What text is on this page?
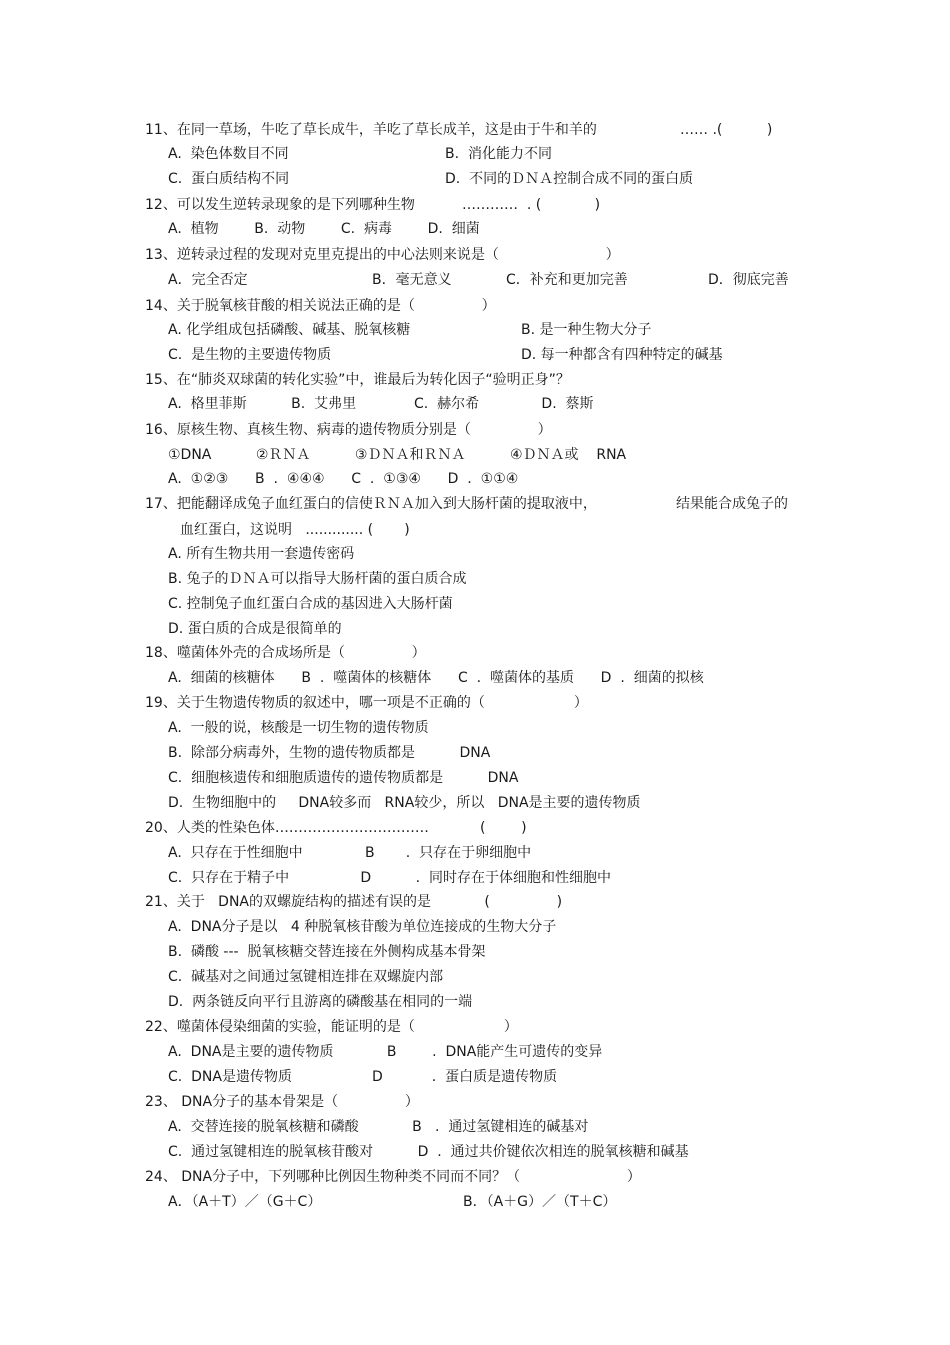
11、在同一草场，牛吃了草长成牛，羊吃了草长成羊，这是由于牛和羊的	…… .(          )
A.  染色体数目不同	B.  消化能力不同
C.  蛋白质结构不同	D.  不同的ＤＮＡ控制合成不同的蛋白质
12、可以发生逆转录现象的是下列哪种生物	…………  . (            )
A.  植物        B.  动物        C.  病毒        D.  细菌
13、逆转录过程的发现对克里克提出的中心法则来说是（                        ）
A．完全否定	B．毫无意义	C．补充和更加完善	D．彻底完善
14、关于脱氧核苷酸的相关说法正确的是（               ）
A. 化学组成包括磷酸、碱基、脱氧核糖	B. 是一种生物大分子
C.  是生物的主要遗传物质	D. 每一种都含有四种特定的碱基
15、在“肺炎双球菌的转化实验”中，谁最后为转化因子“验明正身”？
A.  格里菲斯          B.  艾弗里             C.  赫尔希              D.  蔡斯
16、原核生物、真核生物、病毒的遗传物质分别是（               ）
①DNA          ②ＲＮＡ          ③ＤＮＡ和ＲＮＡ          ④ＤＮＡ或    RNA
A.  ①②③      B  .  ④④④      C  .  ①③④      D  .  ①①④
17、把能翻译成兔子血红蛋白的信使ＲＮＡ加入到大肠杆菌的提取液中，	结果能合成兔子的
血红蛋白，这说明   ............. (       )
A. 所有生物共用一套遗传密码
B. 兔子的ＤＮＡ可以指导大肠杆菌的蛋白质合成
C. 控制兔子血红蛋白合成的基因进入大肠杆菌
D. 蛋白质的合成是很简单的
18、噬菌体外壳的合成场所是（               ）
A.  细菌的核糖体      B  .  噬菌体的核糖体      C  .  噬菌体的基质      D  .  细菌的拟核
19、关于生物遗传物质的叙述中，哪一项是不正确的（                    ）
A.  一般的说，核酸是一切生物的遗传物质
B.  除部分病毒外，生物的遗传物质都是          DNA
C.  细胞核遗传和细胞质遗传的遗传物质都是          DNA
D.  生物细胞中的     DNA较多而   RNA较少，所以   DNA是主要的遗传物质
20、人类的性染色体……………………………	(        )
A.  只存在于性细胞中              B       .  只存在于卵细胞中
C.  只存在于精子中                D          .  同时存在于体细胞和性细胞中
21、关于   DNA的双螺旋结构的描述有误的是            (               )
A.  DNA分子是以   4 种脱氧核苷酸为单位连接成的生物大分子
B.  磷酸 ---  脱氧核糖交替连接在外侧构成基本骨架
C.  碱基对之间通过氢键相连排在双螺旋内部
D.  两条链反向平行且游离的磷酸基在相同的一端
22、噬菌体侵染细菌的实验，能证明的是（                    ）
A.  DNA是主要的遗传物质            B        .  DNA能产生可遗传的变异
C.  DNA是遗传物质                  D           .  蛋白质是遗传物质
23、 DNA分子的基本骨架是（               ）
A.  交替连接的脱氧核糖和磷酸            B   .  通过氢键相连的碱基对
C.  通过氢键相连的脱氧核苷酸对          D  .  通过共价键依次相连的脱氧核糖和碱基
24、 DNA分子中，下列哪种比例因生物种类不同而不同？（                        ）
A．（A＋T）／（G＋C）	B．（A＋G）／（T＋C）
